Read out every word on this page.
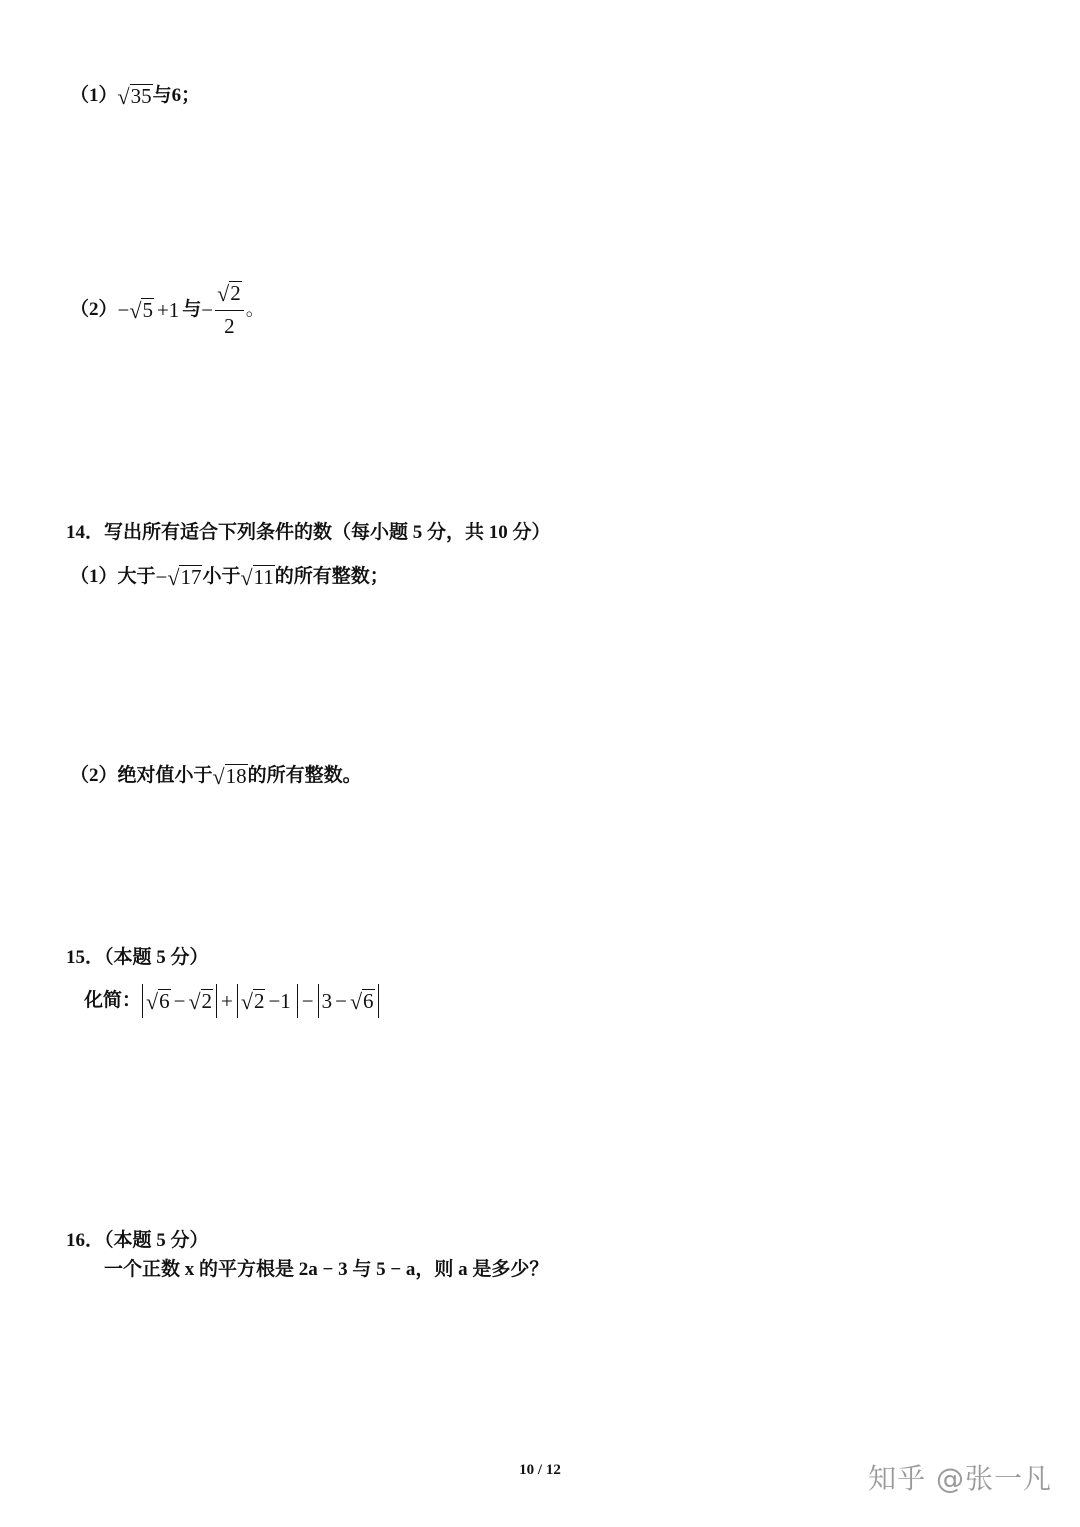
（1） √ 35 与 6；
（2） − √ 5 +1 与 − $\frac{√ 2}{2}$ 。
14．写出所有适合下列条件的数（每小题 5 分，共 10 分）
（1）大于 − √ 17 小于 √ 11 的所有整数；
（2）绝对值小于 √ 18 的所有整数。
15．（本题 5 分）
化简： √ 6 − √ 2 + √ 2 −1 − 3 − √ 6
16．（本题 5 分）
一个正数 x 的平方根是 2a − 3 与 5 − a，则 a 是多少？
10 / 12	知乎 @张一凡
